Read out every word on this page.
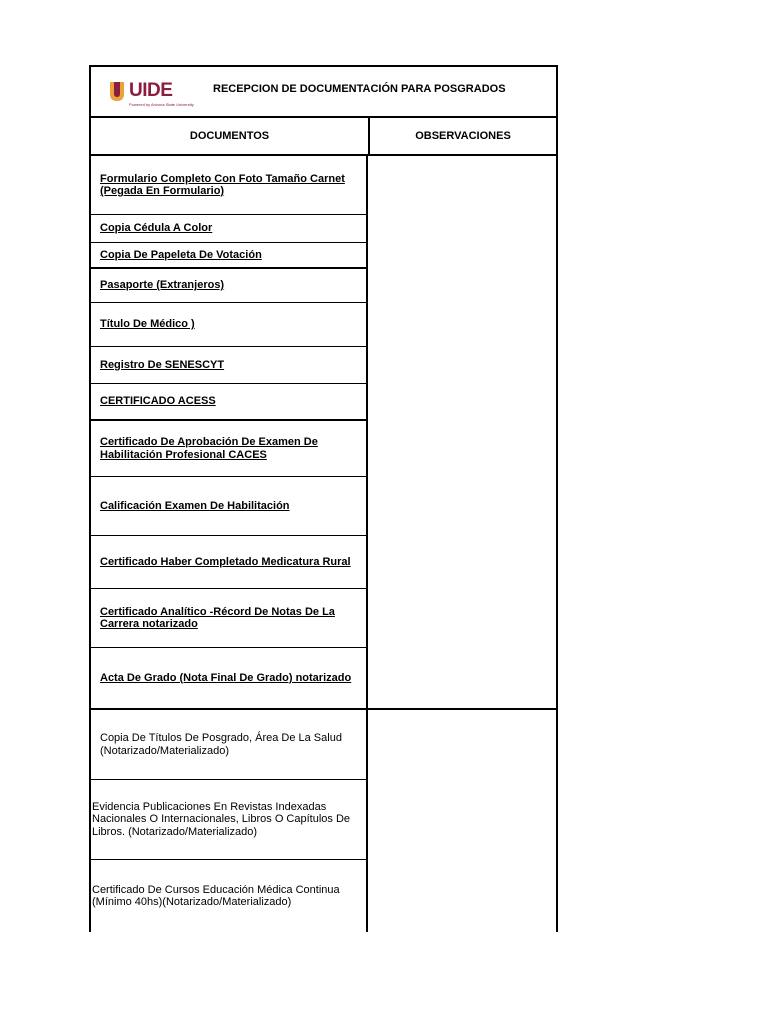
UIDE
Powered by Arizona State University
RECEPCION DE DOCUMENTACIÓN PARA POSGRADOS
DOCUMENTOS	OBSERVACIONES
Formulario Completo Con Foto Tamaño Carnet (Pegada En Formulario)
Copia Cédula A Color
Copia De Papeleta De Votación
Pasaporte (Extranjeros)
Título De Médico )
Registro De SENESCYT
CERTIFICADO ACESS
Certificado De Aprobación De Examen De Habilitación Profesional CACES
Calificación Examen De Habilitación
Certificado Haber Completado Medicatura Rural
Certificado Analítico -Récord De Notas De La Carrera notarizado
Acta De Grado (Nota Final De Grado) notarizado
Copia De Títulos De Posgrado, Área De La Salud (Notarizado/Materializado)
Evidencia Publicaciones En Revistas Indexadas Nacionales O Internacionales, Libros O Capítulos De Libros. (Notarizado/Materializado)
Certificado De Cursos Educación Médica Continua (Mínimo 40hs)(Notarizado/Materializado)
